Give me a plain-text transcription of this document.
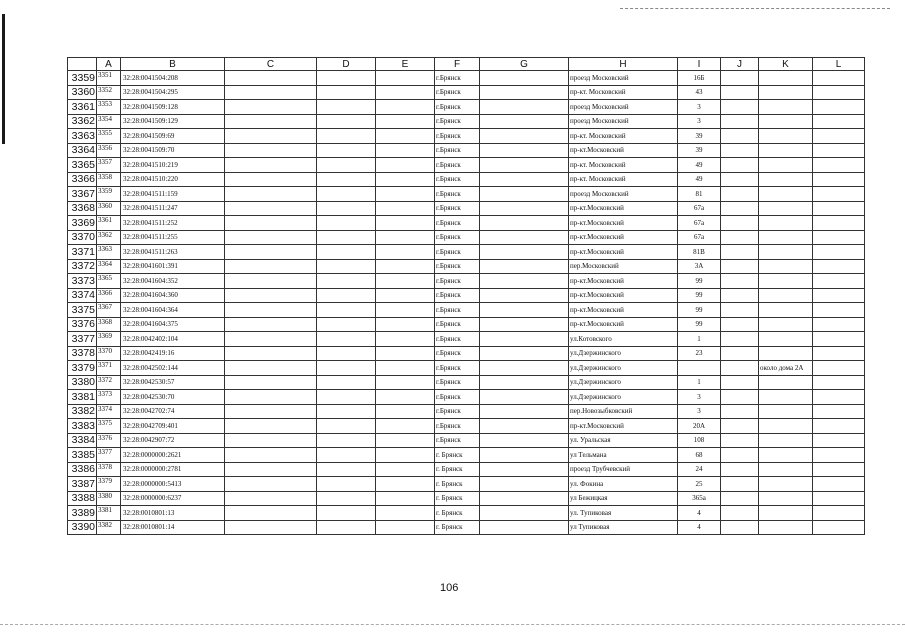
	A	B	C	D	E	F	G	H	I	J	K	L
3359	3351	32:28:0041504:208				г.Брянск		проезд Московский	16Б			
3360	3352	32:28:0041504:295				г.Брянск		пр-кт. Московский	43			
3361	3353	32:28:0041509:128				г.Брянск		проезд Московский	3			
3362	3354	32:28:0041509:129				г.Брянск		проезд Московский	3			
3363	3355	32:28:0041509:69				г.Брянск		пр-кт. Московский	39			
3364	3356	32:28:0041509:70				г.Брянск		пр-кт.Московский	39			
3365	3357	32:28:0041510:219				г.Брянск		пр-кт. Московский	49			
3366	3358	32:28:0041510:220				г.Брянск		пр-кт. Московский	49			
3367	3359	32:28:0041511:159				г.Брянск		проезд Московский	81			
3368	3360	32:28:0041511:247				г.Брянск		пр-кт.Московский	67а			
3369	3361	32:28:0041511:252				г.Брянск		пр-кт.Московский	67а			
3370	3362	32:28:0041511:255				г.Брянск		пр-кт.Московский	67а			
3371	3363	32:28:0041511:263				г.Брянск		пр-кт.Московский	81В			
3372	3364	32:28:0041601:391				г.Брянск		пер.Московский	3А			
3373	3365	32:28:0041604:352				г.Брянск		пр-кт.Московский	99			
3374	3366	32:28:0041604:360				г.Брянск		пр-кт.Московский	99			
3375	3367	32:28:0041604:364				г.Брянск		пр-кт.Московский	99			
3376	3368	32:28:0041604:375				г.Брянск		пр-кт.Московский	99			
3377	3369	32:28:0042402:104				г.Брянск		ул.Котовского	1			
3378	3370	32:28:0042419:16				г.Брянск		ул.Дзержинского	23			
3379	3371	32:28:0042502:144				г.Брянск		ул.Дзержинского			около дома 2А	
3380	3372	32:28:0042530:57				г.Брянск		ул.Дзержинского	1			
3381	3373	32:28:0042530:70				г.Брянск		ул.Дзержинского	3			
3382	3374	32:28:0042702:74				г.Брянск		пер.Новозыбковский	3			
3383	3375	32:28:0042709:401				г.Брянск		пр-кт.Московский	20А			
3384	3376	32:28:0042907:72				г.Брянск		ул. Уральская	108			
3385	3377	32:28:0000000:2621				г. Брянск		ул Тельмана	68			
3386	3378	32:28:0000000:2781				г. Брянск		проезд Трубчевский	24			
3387	3379	32:28:0000000:5413				г. Брянск		ул. Фокина	25			
3388	3380	32:28:0000000:6237				г. Брянск		ул Бежицкая	365а			
3389	3381	32:28:0010801:13				г. Брянск		ул. Тупиковая	4			
3390	3382	32:28:0010801:14				г. Брянск		ул Тупиковая	4			
106
